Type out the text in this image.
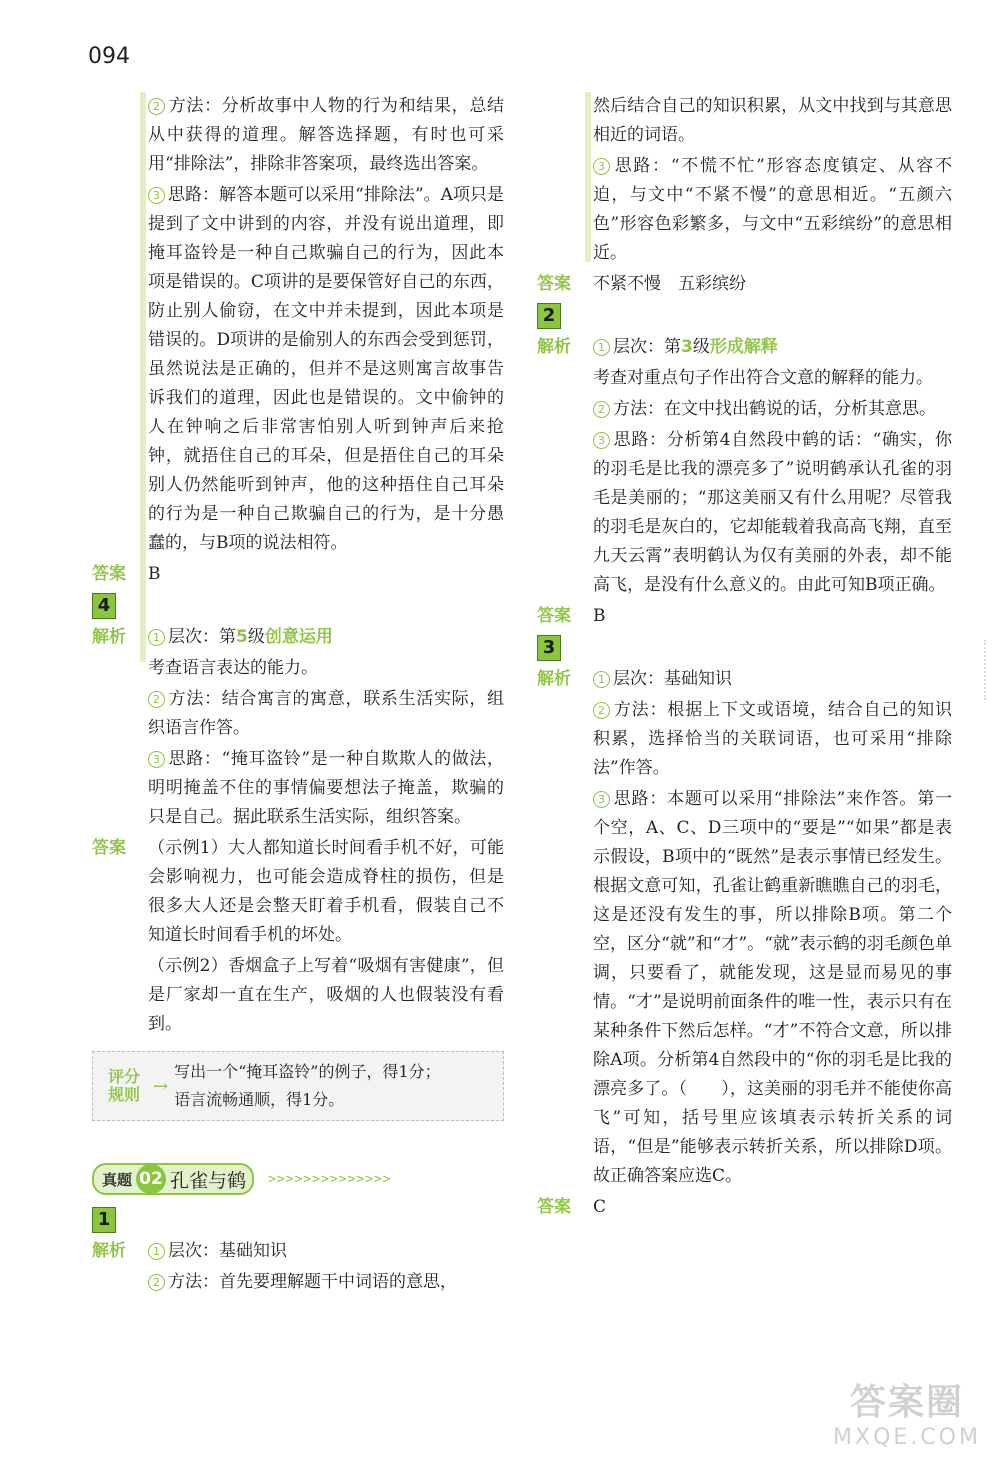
094

2 方法：分析故事中人物的行为和结果，总结从中获得的道理。解答选择题，有时也可采用“排除法”，排除非答案项，最终选出答案。

3 思路：解答本题可以采用“排除法”。A项只是提到了文中讲到的内容，并没有说出道理，即掩耳盗铃是一种自己欺骗自己的行为，因此本项是错误的。C项讲的是要保管好自己的东西，防止别人偷窃，在文中并未提到，因此本项是错误的。D项讲的是偷别人的东西会受到惩罚，虽然说法是正确的，但并不是这则寓言故事告诉我们的道理，因此也是错误的。文中偷钟的人在钟响之后非常害怕别人听到钟声后来抢钟，就捂住自己的耳朵，但是捂住自己的耳朵别人仍然能听到钟声，他的这种捂住自己耳朵的行为是一种自己欺骗自己的行为，是十分愚蠢的，与B项的说法相符。

答案	B
4
解析	1 层次：第5级创意运用

考查语言表达的能力。

2 方法：结合寓言的寓意，联系生活实际，组织语言作答。

3 思路：“掩耳盗铃”是一种自欺欺人的做法，明明掩盖不住的事情偏要想法子掩盖，欺骗的只是自己。据此联系生活实际，组织答案。

答案	（示例1）大人都知道长时间看手机不好，可能会影响视力，也可能会造成脊柱的损伤，但是很多大人还是会整天盯着手机看，假装自己不知道长时间看手机的坏处。

（示例2）香烟盒子上写着“吸烟有害健康”，但是厂家却一直在生产，吸烟的人也假装没有看到。

评分
规则 →
写出一个“掩耳盗铃”的例子，得1分；
语言流畅通顺，得1分。
真题 02 孔雀与鹤 >>>>>>>>>>>>>>
1
解析	1 层次：基础知识

2 方法：首先要理解题干中词语的意思，

然后结合自己的知识积累，从文中找到与其意思相近的词语。

3 思路：“不慌不忙”形容态度镇定、从容不迫，与文中“不紧不慢”的意思相近。“五颜六色”形容色彩繁多，与文中“五彩缤纷”的意思相近。

答案	不紧不慢　五彩缤纷
2
解析	1 层次：第3级形成解释

考查对重点句子作出符合文意的解释的能力。

2 方法：在文中找出鹤说的话，分析其意思。

3 思路：分析第4自然段中鹤的话：“确实，你的羽毛是比我的漂亮多了”说明鹤承认孔雀的羽毛是美丽的；“那这美丽又有什么用呢？尽管我的羽毛是灰白的，它却能载着我高高飞翔，直至九天云霄”表明鹤认为仅有美丽的外表，却不能高飞，是没有什么意义的。由此可知B项正确。

答案	B
3
解析	1 层次：基础知识

2 方法：根据上下文或语境，结合自己的知识积累，选择恰当的关联词语，也可采用“排除法”作答。

3 思路：本题可以采用“排除法”来作答。第一个空，A、C、D三项中的“要是”“如果”都是表示假设，B项中的“既然”是表示事情已经发生。根据文意可知，孔雀让鹤重新瞧瞧自己的羽毛，这是还没有发生的事，所以排除B项。第二个空，区分“就”和“才”。“就”表示鹤的羽毛颜色单调，只要看了，就能发现，这是显而易见的事情。“才”是说明前面条件的唯一性，表示只有在某种条件下然后怎样。“才”不符合文意，所以排除A项。分析第4自然段中的“你的羽毛是比我的漂亮多了。（　　），这美丽的羽毛并不能使你高飞”可知，括号里应该填表示转折关系的词语，“但是”能够表示转折关系，所以排除D项。故正确答案应选C。

答案	C
答案圈
MXQE.COM
